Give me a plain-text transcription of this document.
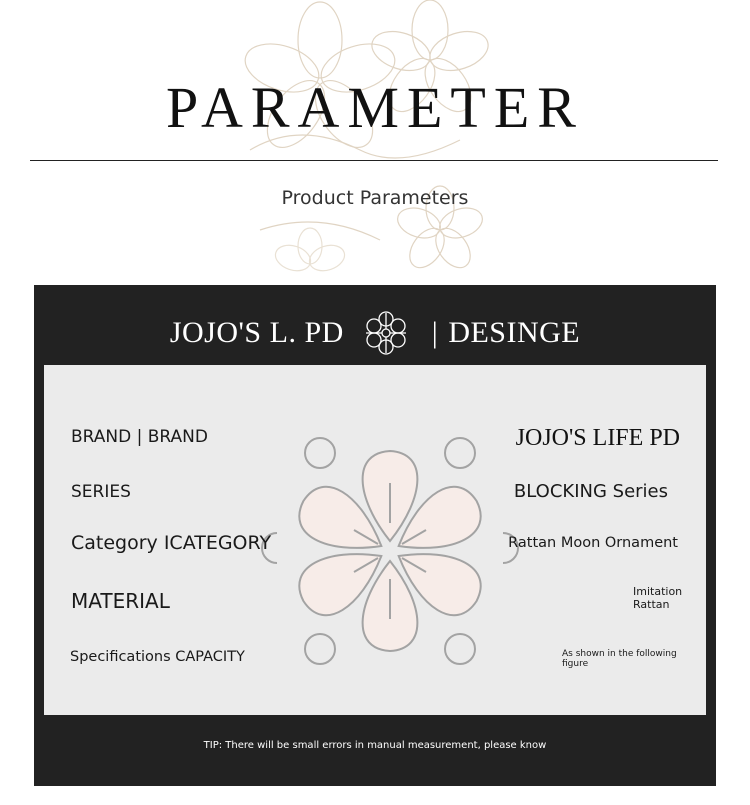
PARAMETER
Product Parameters
JOJO'S L. PD	| DESINGE
BRAND | BRAND
SERIES
Category ICATEGORY
MATERIAL
Specifications CAPACITY
JOJO'S LIFE PD
BLOCKING Series
Rattan Moon Ornament
Imitation Rattan
As shown in the following figure
TIP: There will be small errors in manual measurement, please know
